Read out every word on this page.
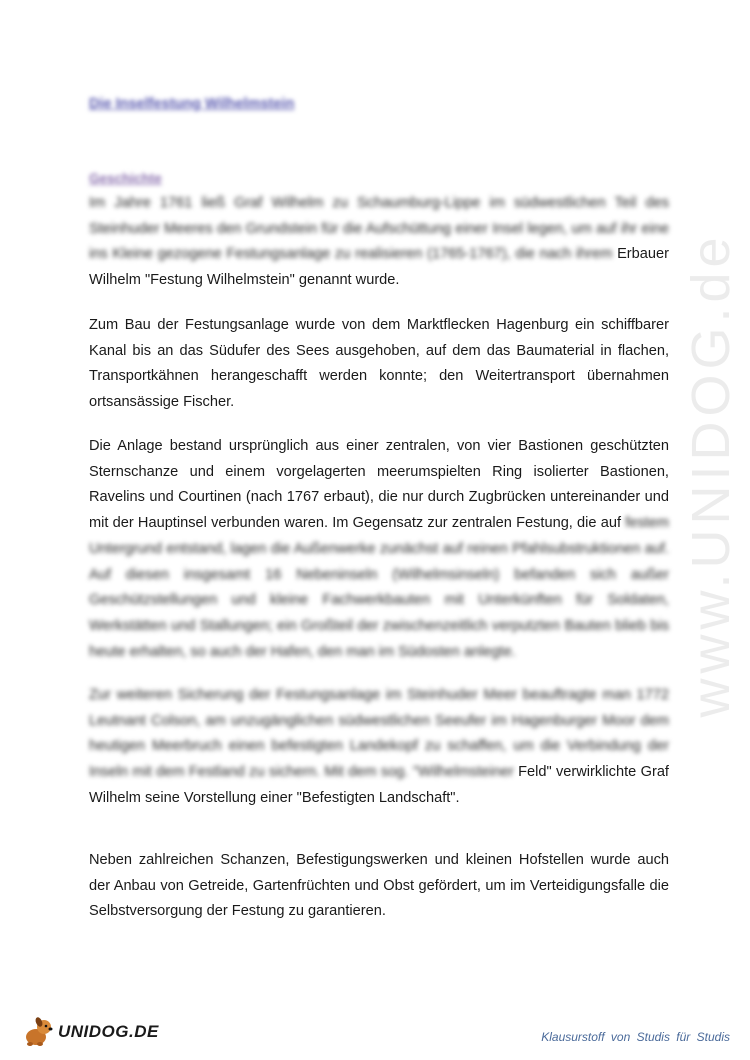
Die Inselfestung Wilhelmstein
Geschichte

Im Jahre 1761 ließ Graf Wilhelm zu Schaumburg-Lippe im südwestlichen Teil des Steinhuder Meeres den Grundstein für die Aufschüttung einer Insel legen, um auf ihr eine ins Kleine gezogene Festungsanlage zu realisieren (1765-1767), die nach ihrem Erbauer Wilhelm "Festung Wilhelmstein" genannt wurde.

Zum Bau der Festungsanlage wurde von dem Marktflecken Hagenburg ein schiffbarer Kanal bis an das Südufer des Sees ausgehoben, auf dem das Baumaterial in flachen, Transportkähnen herangeschafft werden konnte; den Weitertransport übernahmen ortsansässige Fischer.

Die Anlage bestand ursprünglich aus einer zentralen, von vier Bastionen geschützten Sternschanze und einem vorgelagerten meerumspielten Ring isolierter Bastionen, Ravelins und Courtinen (nach 1767 erbaut), die nur durch Zugbrücken untereinander und mit der Hauptinsel verbunden waren. Im Gegensatz zur zentralen Festung, die auf festem Untergrund entstand, lagen die Außenwerke zunächst auf reinen Pfahlsubstruktionen auf. Auf diesen insgesamt 16 Nebeninseln (Wilhelmsinseln) befanden sich außer Geschützstellungen und kleine Fachwerkbauten mit Unterkünften für Soldaten, Werkstätten und Stallungen; ein Großteil der zwischenzeitlich verputzten Bauten blieb bis heute erhalten, so auch der Hafen, den man im Südosten anlegte.

Zur weiteren Sicherung der Festungsanlage im Steinhuder Meer beauftragte man 1772 Leutnant Colson, am unzugänglichen südwestlichen Seeufer im Hagenburger Moor dem heutigen Meerbruch einen befestigten Landekopf zu schaffen, um die Verbindung der Inseln mit dem Festland zu sichern. Mit dem sog. "Wilhelmsteiner Feld" verwirklichte Graf Wilhelm seine Vorstellung einer "Befestigten Landschaft".

Neben zahlreichen Schanzen, Befestigungswerken und kleinen Hofstellen wurde auch der Anbau von Getreide, Gartenfrüchten und Obst gefördert, um im Verteidigungsfalle die Selbstversorgung der Festung zu garantieren.

www.UNIDOG.de
UNIDOG.DE	Klausurstoff von Studis für Studis
